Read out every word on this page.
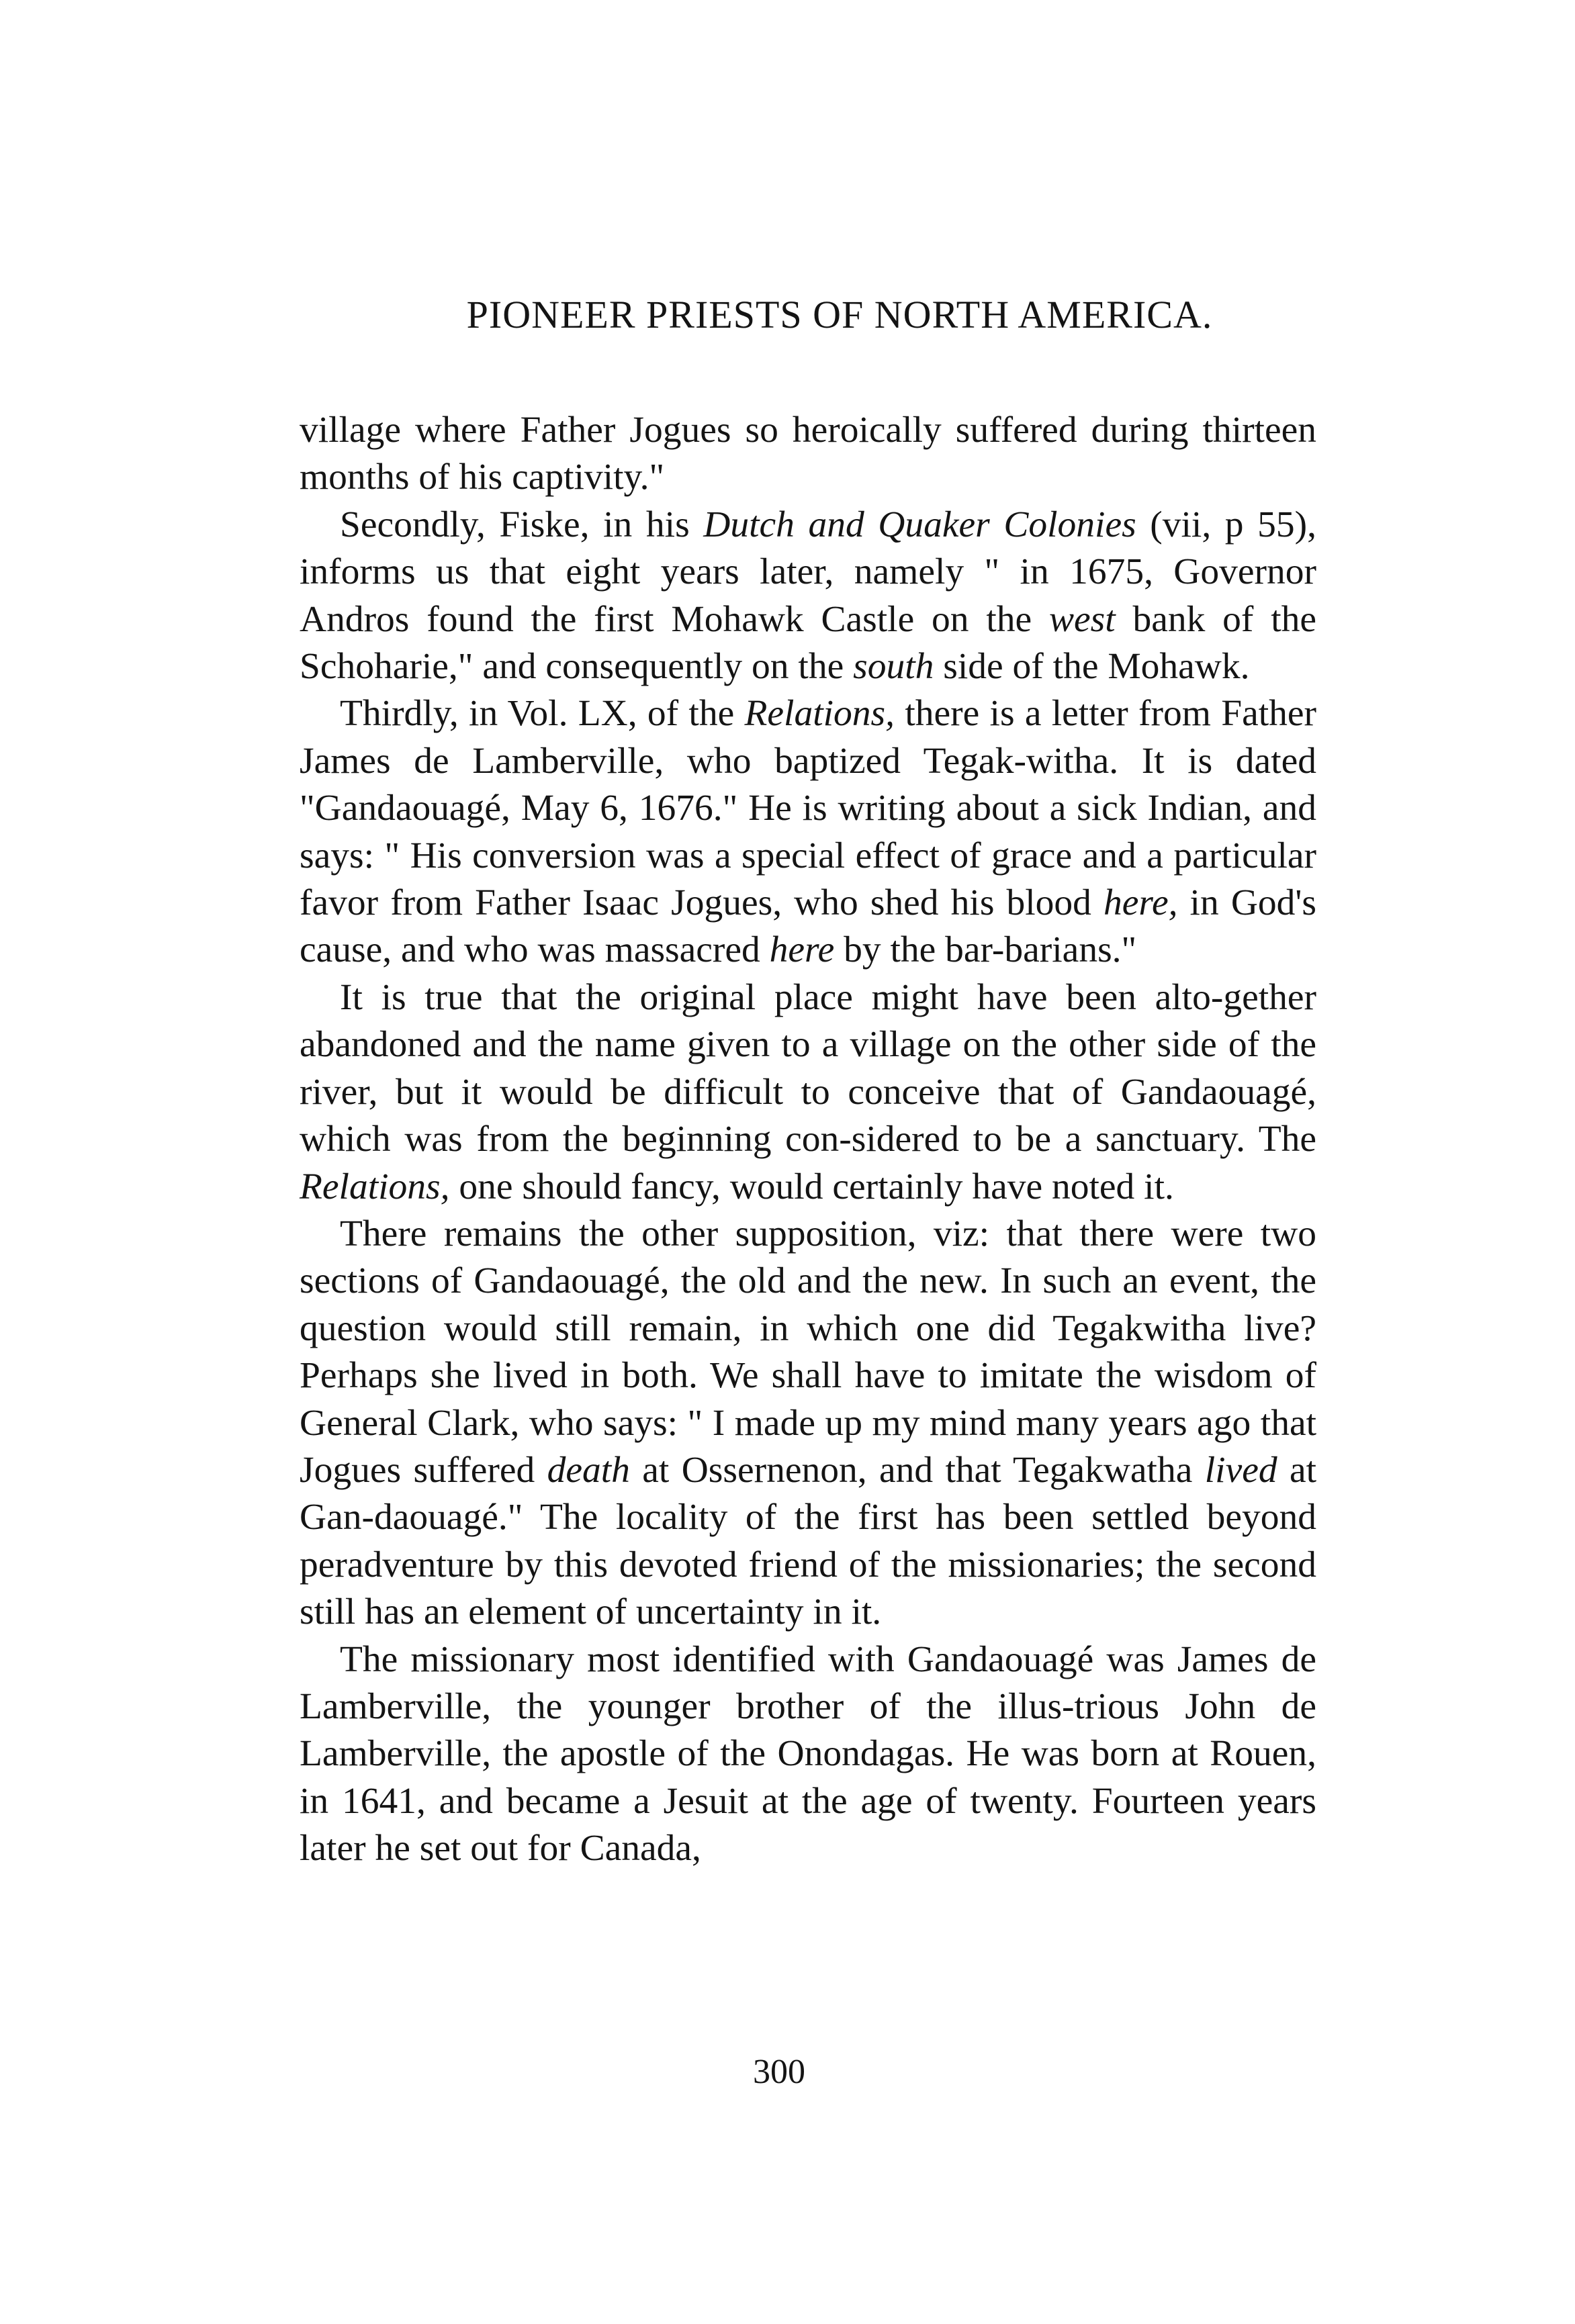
PIONEER PRIESTS OF NORTH AMERICA.

village where Father Jogues so heroically suffered during thirteen months of his captivity."

Secondly, Fiske, in his Dutch and Quaker Colonies (vii, p 55), informs us that eight years later, namely " in 1675, Governor Andros found the first Mohawk Castle on the west bank of the Schoharie," and consequently on the south side of the Mohawk.

Thirdly, in Vol. LX, of the Relations, there is a letter from Father James de Lamberville, who baptized Tegak-witha. It is dated "Gandaouagé, May 6, 1676." He is writing about a sick Indian, and says: " His conversion was a special effect of grace and a particular favor from Father Isaac Jogues, who shed his blood here, in God's cause, and who was massacred here by the bar-barians."

It is true that the original place might have been alto-gether abandoned and the name given to a village on the other side of the river, but it would be difficult to conceive that of Gandaouagé, which was from the beginning con-sidered to be a sanctuary. The Relations, one should fancy, would certainly have noted it.

There remains the other supposition, viz: that there were two sections of Gandaouagé, the old and the new. In such an event, the question would still remain, in which one did Tegakwitha live? Perhaps she lived in both. We shall have to imitate the wisdom of General Clark, who says: " I made up my mind many years ago that Jogues suffered death at Ossernenon, and that Tegakwatha lived at Gan-daouagé." The locality of the first has been settled beyond peradventure by this devoted friend of the missionaries; the second still has an element of uncertainty in it.

The missionary most identified with Gandaouagé was James de Lamberville, the younger brother of the illus-trious John de Lamberville, the apostle of the Onondagas. He was born at Rouen, in 1641, and became a Jesuit at the age of twenty. Fourteen years later he set out for Canada,

300
